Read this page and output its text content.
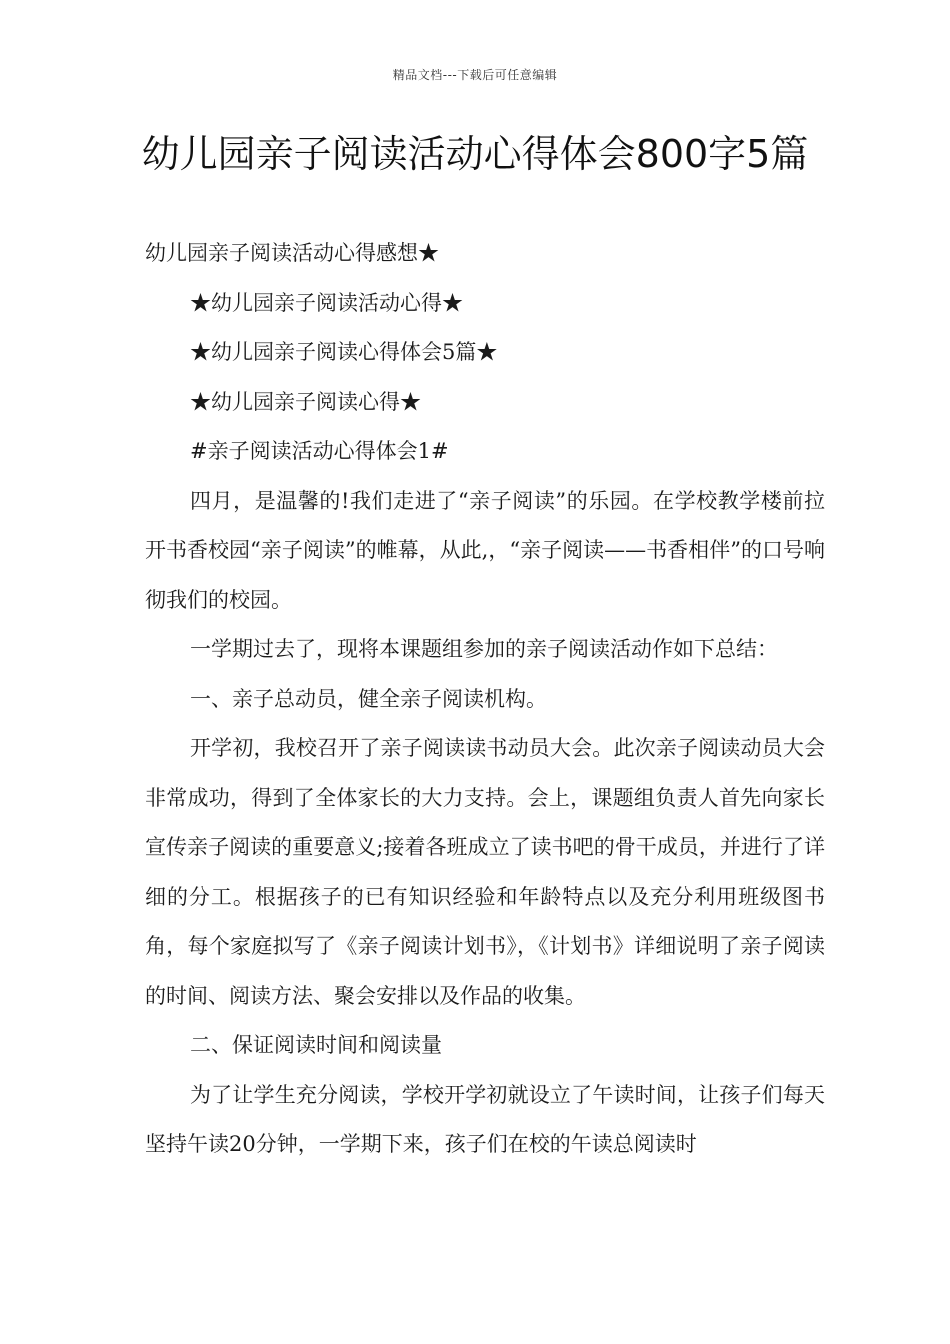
精品文档---下载后可任意编辑
幼儿园亲子阅读活动心得体会800字5篇

幼儿园亲子阅读活动心得感想★

★幼儿园亲子阅读活动心得★

★幼儿园亲子阅读心得体会5篇★

★幼儿园亲子阅读心得★

#亲子阅读活动心得体会1#

四月，是温馨的!我们走进了“亲子阅读”的乐园。在学校教学楼前拉开书香校园“亲子阅读”的帷幕，从此,，“亲子阅读——书香相伴”的口号响彻我们的校园。

一学期过去了，现将本课题组参加的亲子阅读活动作如下总结：

一、亲子总动员，健全亲子阅读机构。

开学初，我校召开了亲子阅读读书动员大会。此次亲子阅读动员大会非常成功，得到了全体家长的大力支持。会上，课题组负责人首先向家长宣传亲子阅读的重要意义;接着各班成立了读书吧的骨干成员，并进行了详细的分工。根据孩子的已有知识经验和年龄特点以及充分利用班级图书角，每个家庭拟写了《亲子阅读计划书》，《计划书》详细说明了亲子阅读的时间、阅读方法、聚会安排以及作品的收集。

二、保证阅读时间和阅读量

为了让学生充分阅读，学校开学初就设立了午读时间，让孩子们每天坚持午读20分钟，一学期下来，孩子们在校的午读总阅读时
